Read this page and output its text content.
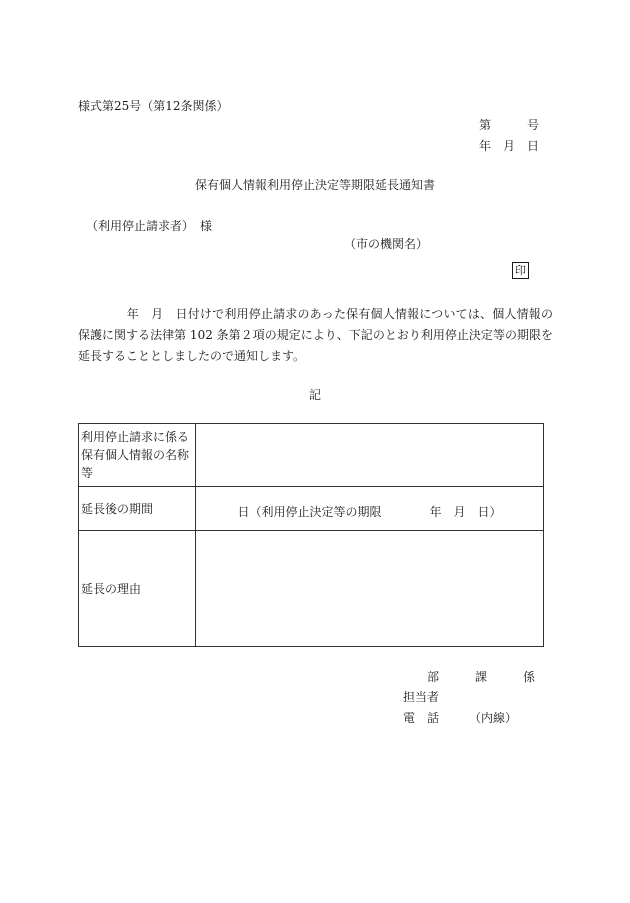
様式第25号（第12条関係）
第　　　号
年　月　日
保有個人情報利用停止決定等期限延長通知書
（利用停止請求者）　様
（市の機関名）
印
　　　　年　月　日付けで利用停止請求のあった保有個人情報については、個人情報の保護に関する法律第 102 条第２項の規定により、下記のとおり利用停止決定等の期限を延長することとしましたので通知します。
記
利用停止請求に係る
保有個人情報の名称
等
延長後の期間	日（利用停止決定等の期限　　　　年　月　日）
延長の理由
部　　　課　　　係
担当者
電　話　　　（内線）
